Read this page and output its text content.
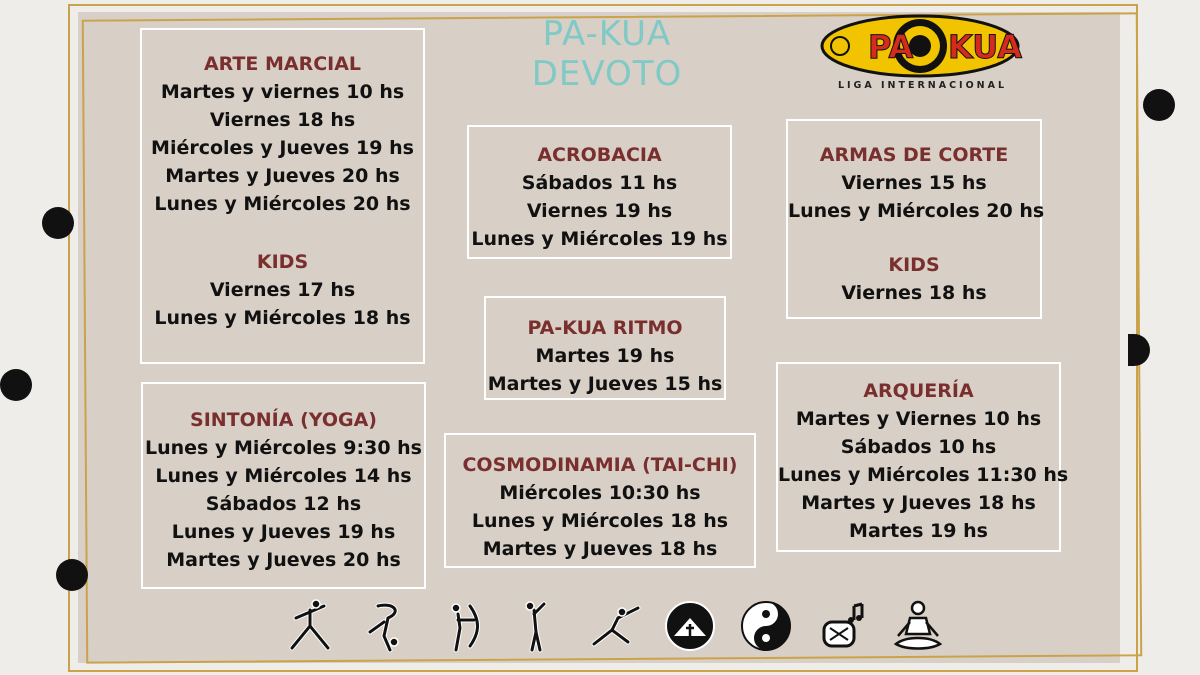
PA-KUA DEVOTO
PA KUA
LIGA INTERNACIONAL
ARTE MARCIAL
Martes y viernes 10 hs
Viernes 18 hs
Miércoles y Jueves 19 hs
Martes y Jueves 20 hs
Lunes y Miércoles 20 hs
KIDS
Viernes 17 hs
Lunes y Miércoles 18 hs
SINTONÍA (YOGA)
Lunes y Miércoles 9:30 hs
Lunes y Miércoles 14 hs
Sábados 12 hs
Lunes y Jueves 19 hs
Martes y Jueves 20 hs
ACROBACIA
Sábados 11 hs
Viernes 19 hs
Lunes y Miércoles 19 hs
PA-KUA RITMO
Martes 19 hs
Martes y Jueves 15 hs
COSMODINAMIA (TAI-CHI)
Miércoles 10:30 hs
Lunes y Miércoles 18 hs
Martes y Jueves 18 hs
ARMAS DE CORTE
Viernes 15 hs
Lunes y Miércoles 20 hs
KIDS
Viernes 18 hs
ARQUERÍA
Martes y Viernes 10 hs
Sábados 10 hs
Lunes y Miércoles 11:30 hs
Martes y Jueves 18 hs
Martes 19 hs
